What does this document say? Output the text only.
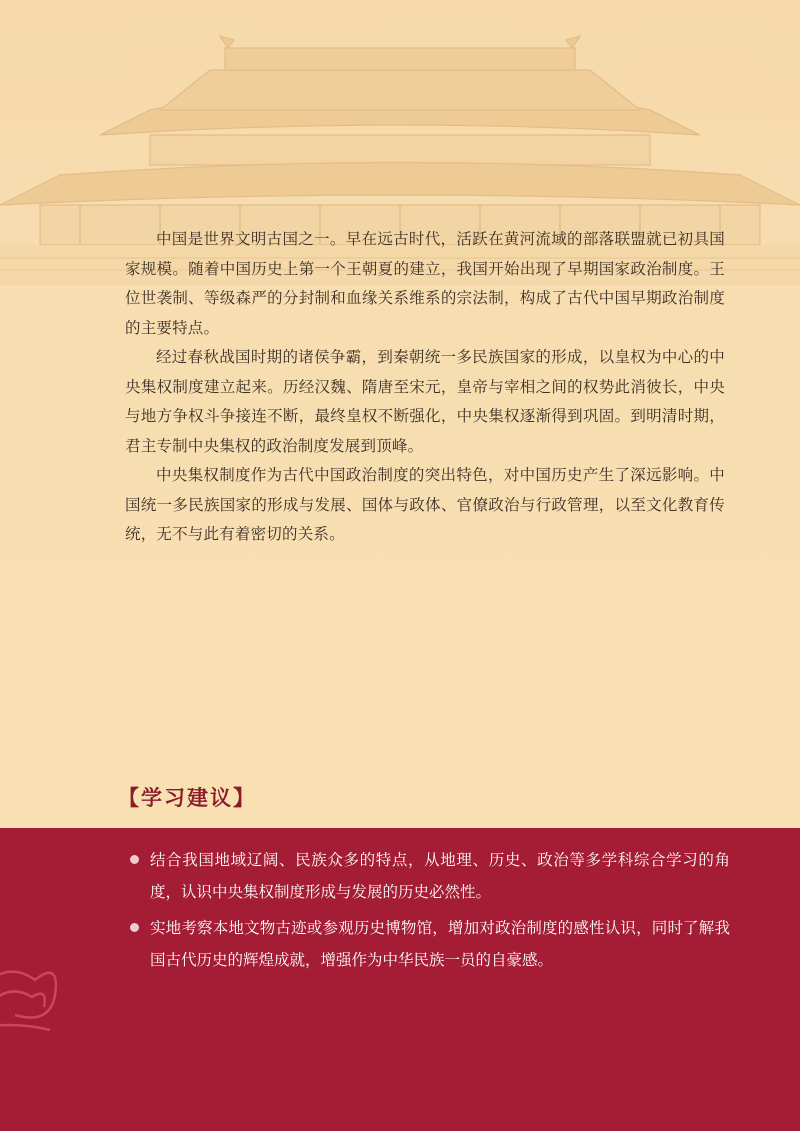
中国是世界文明古国之一。早在远古时代，活跃在黄河流域的部落联盟就已初具国家规模。随着中国历史上第一个王朝夏的建立，我国开始出现了早期国家政治制度。王位世袭制、等级森严的分封制和血缘关系维系的宗法制，构成了古代中国早期政治制度的主要特点。

经过春秋战国时期的诸侯争霸，到秦朝统一多民族国家的形成，以皇权为中心的中央集权制度建立起来。历经汉魏、隋唐至宋元，皇帝与宰相之间的权势此消彼长，中央与地方争权斗争接连不断，最终皇权不断强化，中央集权逐渐得到巩固。到明清时期，君主专制中央集权的政治制度发展到顶峰。

中央集权制度作为古代中国政治制度的突出特色，对中国历史产生了深远影响。中国统一多民族国家的形成与发展、国体与政体、官僚政治与行政管理，以至文化教育传统，无不与此有着密切的关系。

【学习建议】
结合我国地域辽阔、民族众多的特点，从地理、历史、政治等多学科综合学习的角度，认识中央集权制度形成与发展的历史必然性。
实地考察本地文物古迹或参观历史博物馆，增加对政治制度的感性认识，同时了解我国古代历史的辉煌成就，增强作为中华民族一员的自豪感。
